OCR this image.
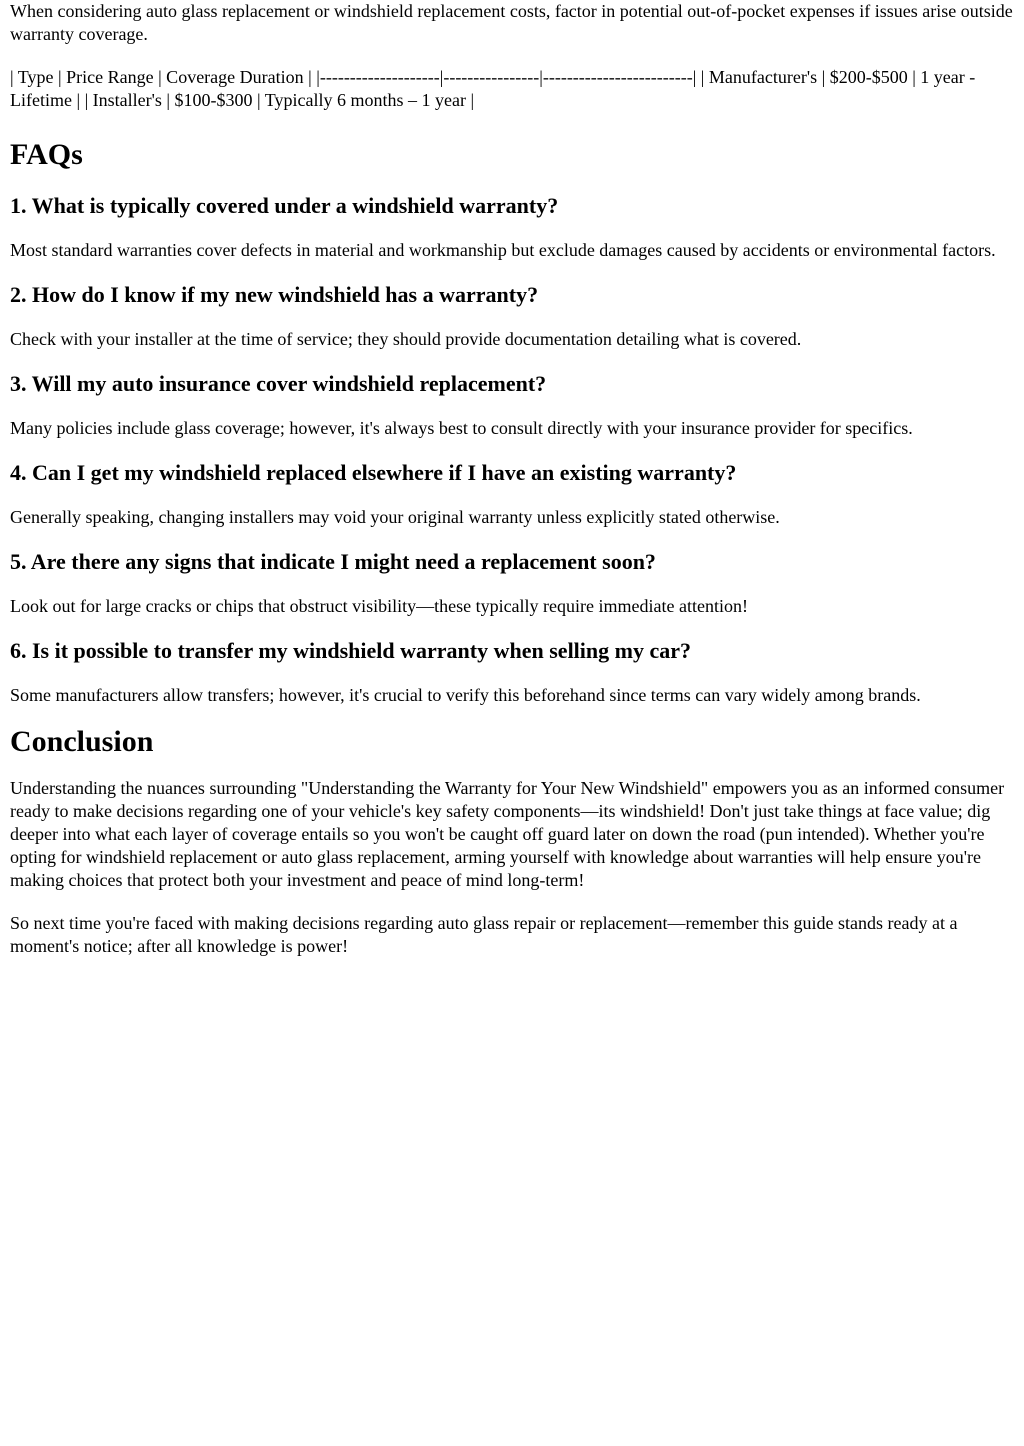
When considering auto glass replacement or windshield replacement costs, factor in potential out-of-pocket expenses if issues arise outside warranty coverage.

| Type | Price Range | Coverage Duration | |--------------------|----------------|-------------------------| | Manufacturer's | $200-$500 | 1 year - Lifetime | | Installer's | $100-$300 | Typically 6 months – 1 year |

FAQs
1. What is typically covered under a windshield warranty?

Most standard warranties cover defects in material and workmanship but exclude damages caused by accidents or environmental factors.

2. How do I know if my new windshield has a warranty?

Check with your installer at the time of service; they should provide documentation detailing what is covered.

3. Will my auto insurance cover windshield replacement?

Many policies include glass coverage; however, it's always best to consult directly with your insurance provider for specifics.

4. Can I get my windshield replaced elsewhere if I have an existing warranty?

Generally speaking, changing installers may void your original warranty unless explicitly stated otherwise.

5. Are there any signs that indicate I might need a replacement soon?

Look out for large cracks or chips that obstruct visibility—these typically require immediate attention!

6. Is it possible to transfer my windshield warranty when selling my car?

Some manufacturers allow transfers; however, it's crucial to verify this beforehand since terms can vary widely among brands.

Conclusion

Understanding the nuances surrounding "Understanding the Warranty for Your New Windshield" empowers you as an informed consumer ready to make decisions regarding one of your vehicle's key safety components—its windshield! Don't just take things at face value; dig deeper into what each layer of coverage entails so you won't be caught off guard later on down the road (pun intended). Whether you're opting for windshield replacement or auto glass replacement, arming yourself with knowledge about warranties will help ensure you're making choices that protect both your investment and peace of mind long-term!

So next time you're faced with making decisions regarding auto glass repair or replacement—remember this guide stands ready at a moment's notice; after all knowledge is power!
